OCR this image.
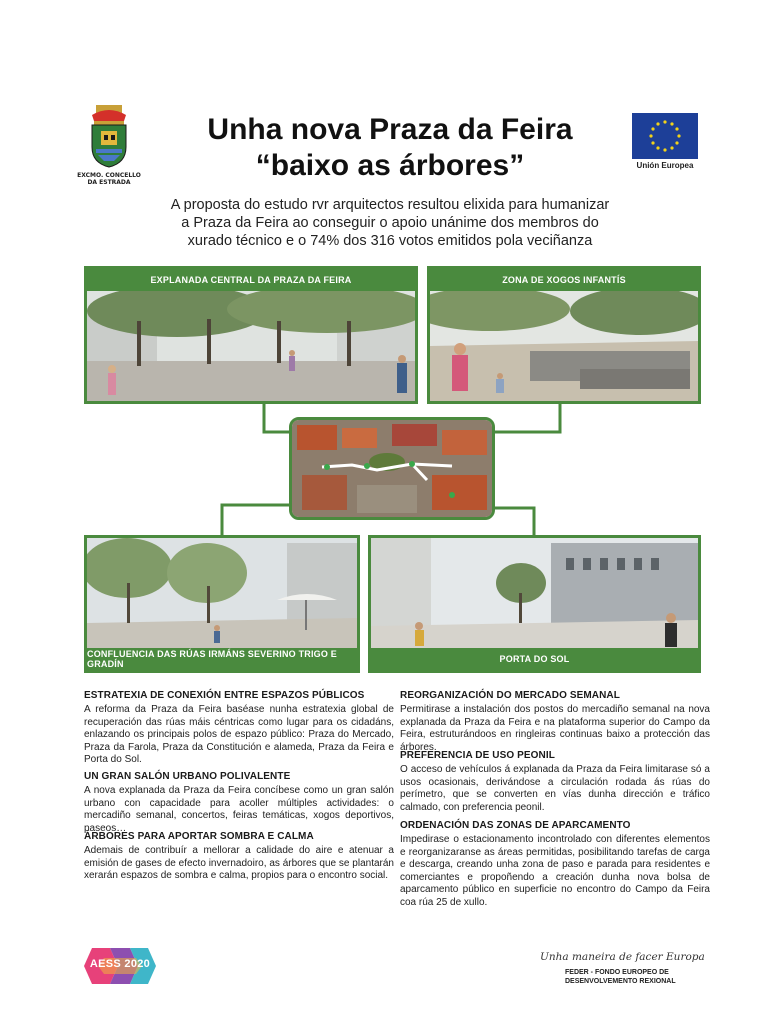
EXCMO. CONCELLO
DA ESTRADA
Unha nova Praza da Feira
“baixo as árbores”
A proposta do estudo rvr arquitectos resultou elixida para humanizar
a Praza da Feira ao conseguir o apoio unánime dos membros do
xurado técnico e o 74% dos 316 votos emitidos pola veciñanza
Unión Europea
EXPLANADA CENTRAL DA PRAZA DA FEIRA	ZONA DE XOGOS INFANTÍS
CONFLUENCIA DAS RÚAS IRMÁNS SEVERINO TRIGO E GRADÍN	PORTA DO SOL
ESTRATEXIA DE CONEXIÓN ENTRE ESPAZOS PÚBLICOS

A reforma da Praza da Feira baséase nunha estratexia global de recuperación das rúas máis céntricas como lugar para os cidadáns, enlazando os principais polos de espazo público: Praza do Mercado, Praza da Farola, Praza da Constitución e alameda, Praza da Feira e Porta do Sol.

UN GRAN SALÓN URBANO POLIVALENTE

A nova explanada da Praza da Feira concíbese como un gran salón urbano con capacidade para acoller múltiples actividades: o mercadiño semanal, concertos, feiras temáticas, xogos deportivos, paseos…

ÁRBORES PARA APORTAR SOMBRA E CALMA

Ademais de contribuír a mellorar a calidade do aire e atenuar a emisión de gases de efecto invernadoiro, as árbores que se plantarán xerarán espazos de sombra e calma, propios para o encontro social.

REORGANIZACIÓN DO MERCADO SEMANAL

Permitirase a instalación dos postos do mercadiño semanal na nova explanada da Praza da Feira e na plataforma superior do Campo da Feira, estruturándoos en ringleiras continuas baixo a protección das árbores.

PREFERENCIA DE USO PEONIL

O acceso de vehículos á explanada da Praza da Feira limitarase só a usos ocasionais, derivándose a circulación rodada ás rúas do perímetro, que se converten en vías dunha dirección e tráfico calmado, con preferencia peonil.

ORDENACIÓN DAS ZONAS DE APARCAMENTO

Impedirase o estacionamento incontrolado con diferentes elementos e reorganizaranse as áreas permitidas, posibilitando tarefas de carga e descarga, creando unha zona de paso e parada para residentes e comerciantes e propoñendo a creación dunha nova bolsa de aparcamento público en superficie no encontro do Campo da Feira coa rúa 25 de xullo.

AESS 2020
Unha maneira de facer Europa
FEDER - FONDO EUROPEO DE
DESENVOLVEMENTO REXIONAL
